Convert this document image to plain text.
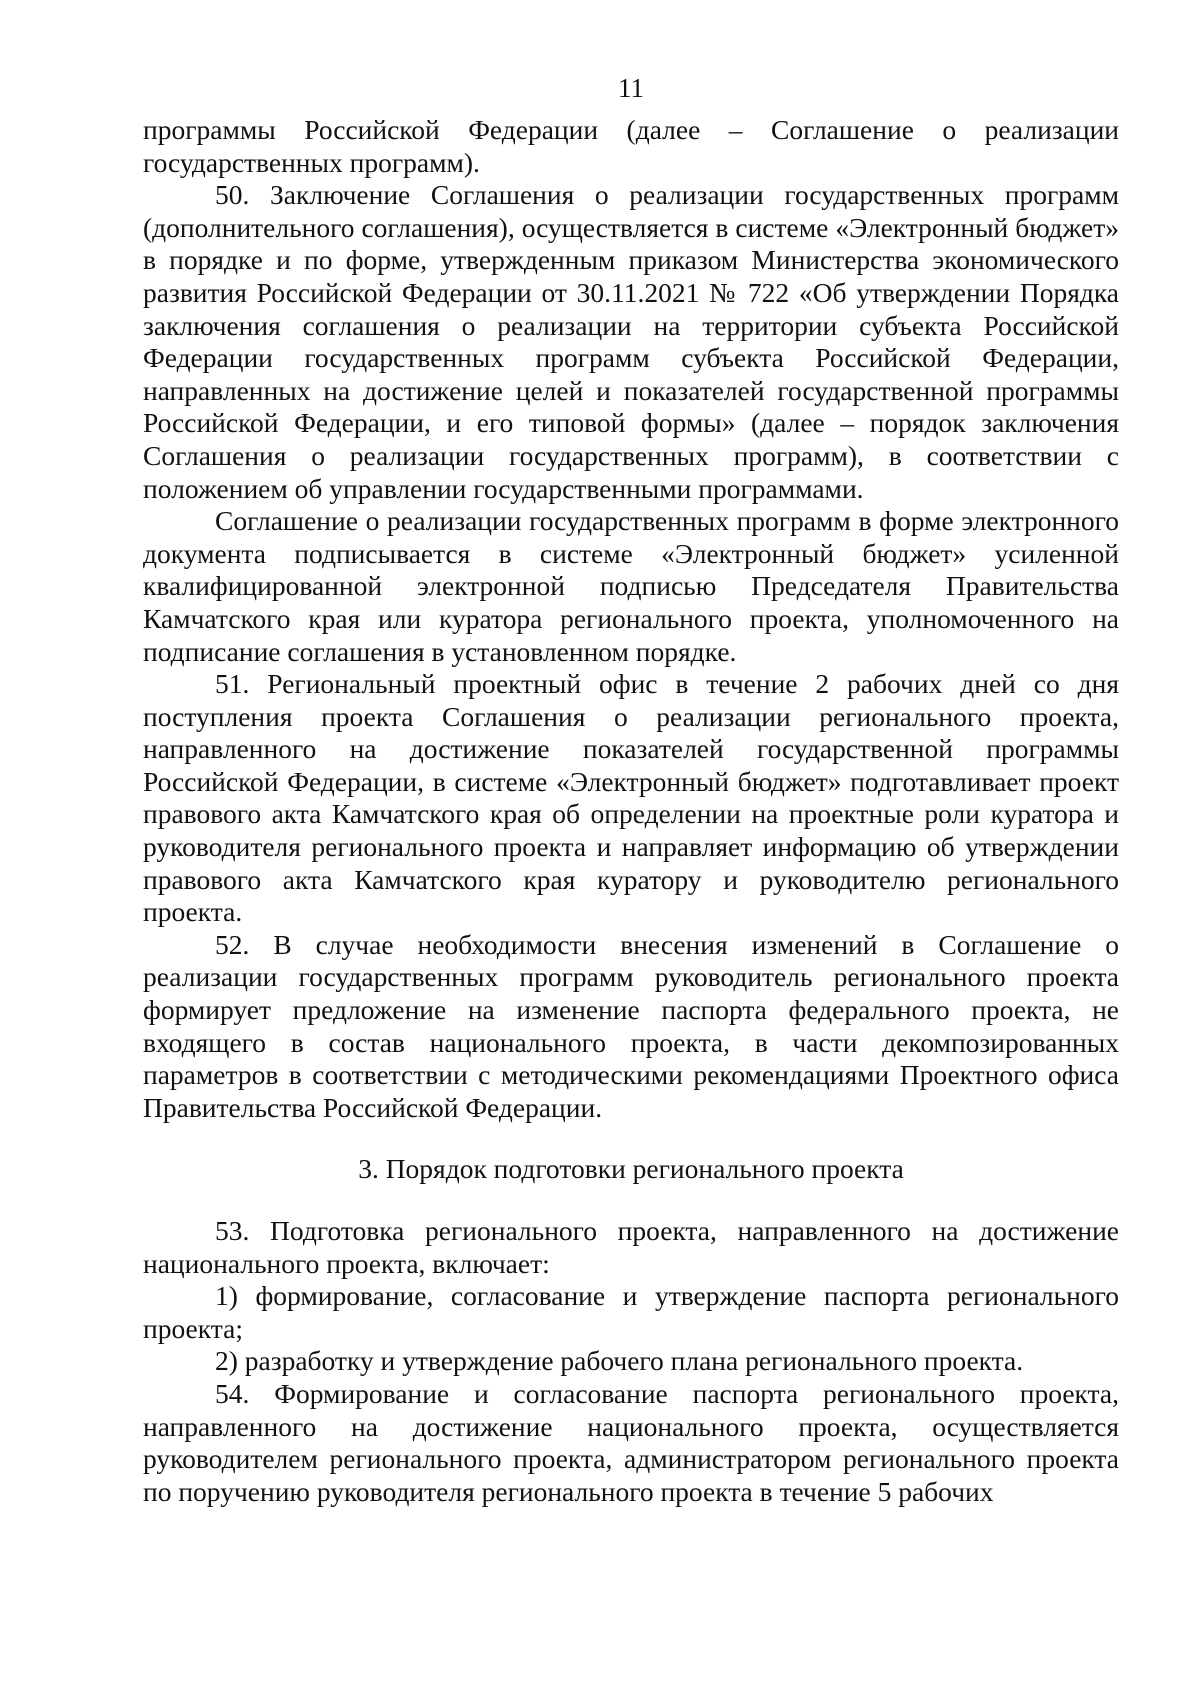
11

программы Российской Федерации (далее – Соглашение о реализации государственных программ).

50. Заключение Соглашения о реализации государственных программ (дополнительного соглашения), осуществляется в системе «Электронный бюджет» в порядке и по форме, утвержденным приказом Министерства экономического развития Российской Федерации от 30.11.2021 № 722 «Об утверждении Порядка заключения соглашения о реализации на территории субъекта Российской Федерации государственных программ субъекта Российской Федерации, направленных на достижение целей и показателей государственной программы Российской Федерации, и его типовой формы» (далее – порядок заключения Соглашения о реализации государственных программ), в соответствии с положением об управлении государственными программами.

Соглашение о реализации государственных программ в форме электронного документа подписывается в системе «Электронный бюджет» усиленной квалифицированной электронной подписью Председателя Правительства Камчатского края или куратора регионального проекта, уполномоченного на подписание соглашения в установленном порядке.

51. Региональный проектный офис в течение 2 рабочих дней со дня поступления проекта Соглашения о реализации регионального проекта, направленного на достижение показателей государственной программы Российской Федерации, в системе «Электронный бюджет» подготавливает проект правового акта Камчатского края об определении на проектные роли куратора и руководителя регионального проекта и направляет информацию об утверждении правового акта Камчатского края куратору и руководителю регионального проекта.

52. В случае необходимости внесения изменений в Соглашение о реализации государственных программ руководитель регионального проекта формирует предложение на изменение паспорта федерального проекта, не входящего в состав национального проекта, в части декомпозированных параметров в соответствии с методическими рекомендациями Проектного офиса Правительства Российской Федерации.

3. Порядок подготовки регионального проекта

53. Подготовка регионального проекта, направленного на достижение национального проекта, включает:

1) формирование, согласование и утверждение паспорта регионального проекта;

2) разработку и утверждение рабочего плана регионального проекта.

54. Формирование и согласование паспорта регионального проекта, направленного на достижение национального проекта, осуществляется руководителем регионального проекта, администратором регионального проекта по поручению руководителя регионального проекта в течение 5 рабочих
